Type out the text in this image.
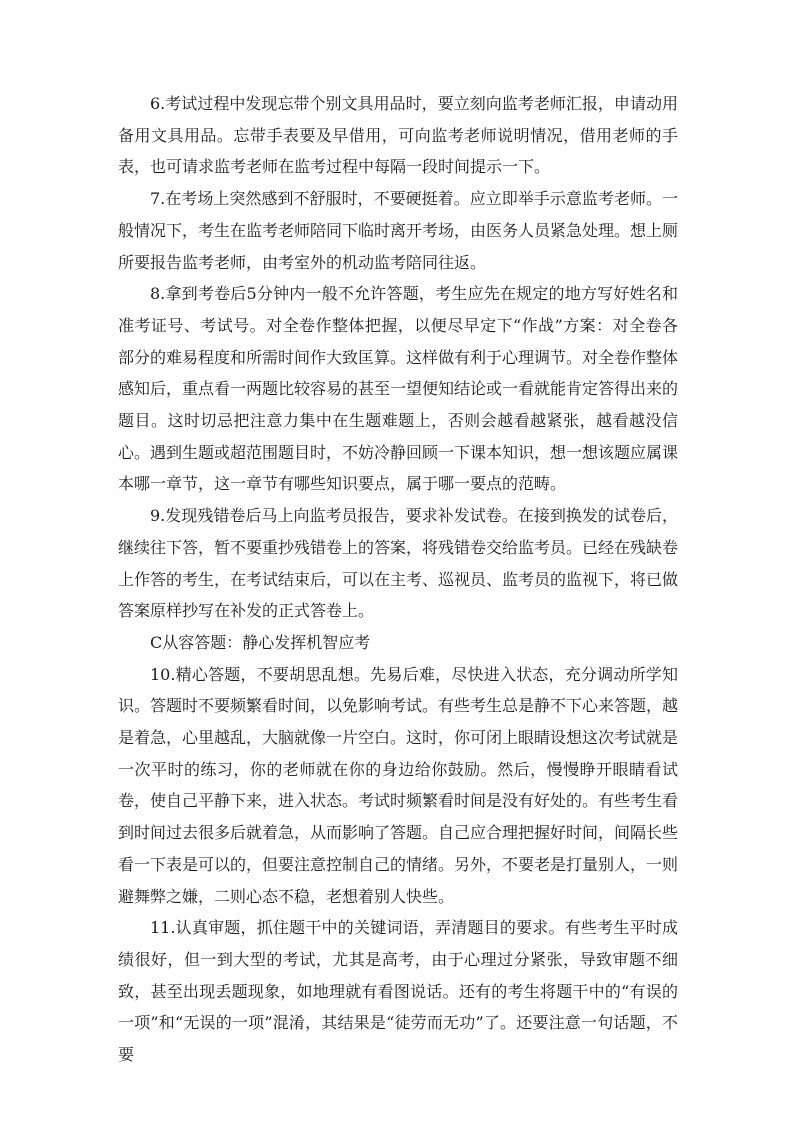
6.考试过程中发现忘带个别文具用品时，要立刻向监考老师汇报，申请动用备用文具用品。忘带手表要及早借用，可向监考老师说明情况，借用老师的手表，也可请求监考老师在监考过程中每隔一段时间提示一下。

7.在考场上突然感到不舒服时，不要硬挺着。应立即举手示意监考老师。一般情况下，考生在监考老师陪同下临时离开考场，由医务人员紧急处理。想上厕所要报告监考老师，由考室外的机动监考陪同往返。

8.拿到考卷后5分钟内一般不允许答题，考生应先在规定的地方写好姓名和准考证号、考试号。对全卷作整体把握，以便尽早定下“作战”方案：对全卷各部分的难易程度和所需时间作大致匡算。这样做有利于心理调节。对全卷作整体感知后，重点看一两题比较容易的甚至一望便知结论或一看就能肯定答得出来的题目。这时切忌把注意力集中在生题难题上，否则会越看越紧张，越看越没信心。遇到生题或超范围题目时，不妨冷静回顾一下课本知识，想一想该题应属课本哪一章节，这一章节有哪些知识要点，属于哪一要点的范畴。

9.发现残错卷后马上向监考员报告，要求补发试卷。在接到换发的试卷后，继续往下答，暂不要重抄残错卷上的答案，将残错卷交给监考员。已经在残缺卷上作答的考生，在考试结束后，可以在主考、巡视员、监考员的监视下，将已做答案原样抄写在补发的正式答卷上。

C从容答题：静心发挥机智应考

10.精心答题，不要胡思乱想。先易后难，尽快进入状态，充分调动所学知识。答题时不要频繁看时间，以免影响考试。有些考生总是静不下心来答题，越是着急，心里越乱，大脑就像一片空白。这时，你可闭上眼睛设想这次考试就是一次平时的练习，你的老师就在你的身边给你鼓励。然后，慢慢睁开眼睛看试卷，使自己平静下来，进入状态。考试时频繁看时间是没有好处的。有些考生看到时间过去很多后就着急，从而影响了答题。自己应合理把握好时间，间隔长些看一下表是可以的，但要注意控制自己的情绪。另外，不要老是打量别人，一则避舞弊之嫌，二则心态不稳，老想着别人快些。

11.认真审题，抓住题干中的关键词语，弄清题目的要求。有些考生平时成绩很好，但一到大型的考试，尤其是高考，由于心理过分紧张，导致审题不细致，甚至出现丢题现象，如地理就有看图说话。还有的考生将题干中的“有误的一项”和“无误的一项”混淆，其结果是“徒劳而无功”了。还要注意一句话题，不要
